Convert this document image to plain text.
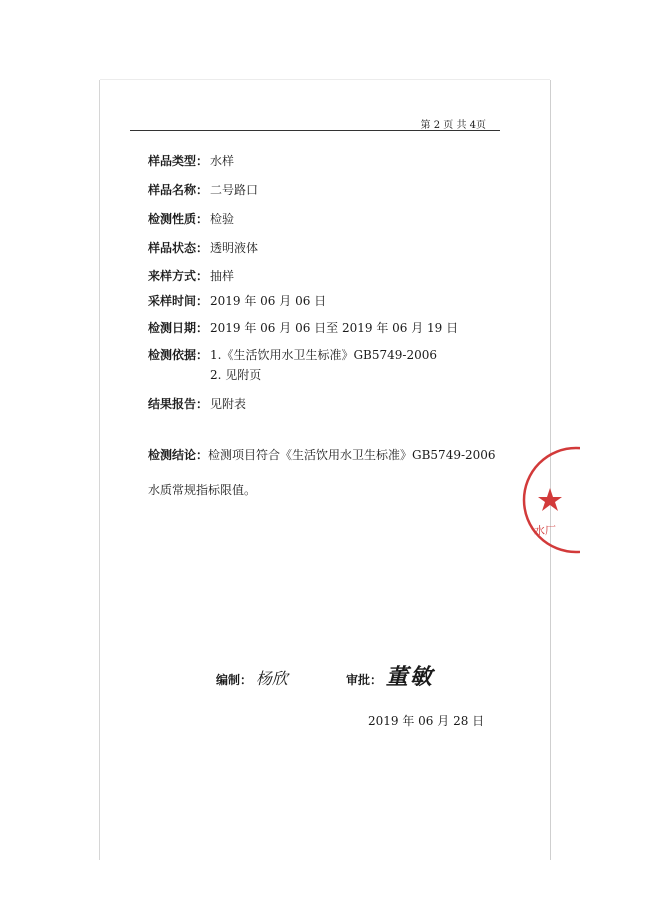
第 2 页 共 4页
样品类型： 水样
样品名称： 二号路口
检测性质： 检验
样品状态： 透明液体
来样方式： 抽样
采样时间： 2019 年 06 月 06 日
检测日期： 2019 年 06 月 06 日至 2019 年 06 月 19 日
检测依据： 1.《生活饮用水卫生标准》GB5749-2006
2. 见附页
结果报告： 见附表
检测结论：检测项目符合《生活饮用水卫生标准》GB5749-2006
水质常规指标限值。
编制： 杨欣	审批： 董敏
2019 年 06 月 28 日
水厂
